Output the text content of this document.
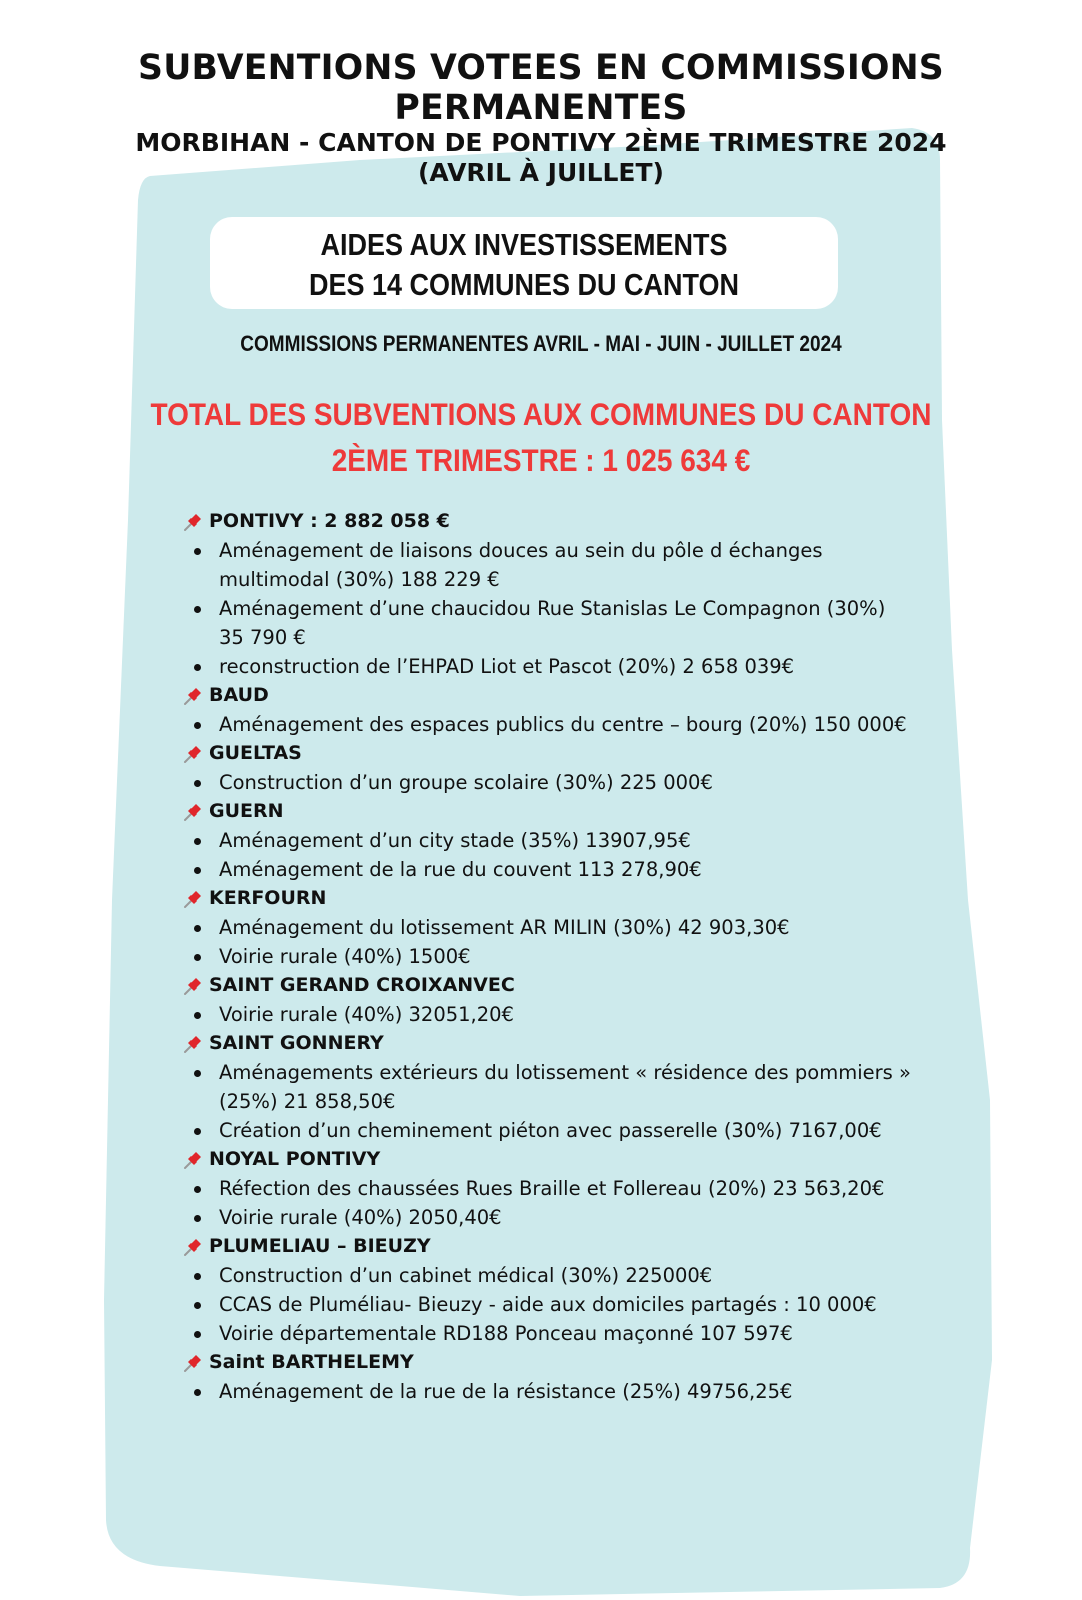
SUBVENTIONS VOTEES EN COMMISSIONS PERMANENTES
MORBIHAN - CANTON DE PONTIVY 2ÈME TRIMESTRE 2024
(AVRIL À JUILLET)
AIDES AUX INVESTISSEMENTS
DES 14 COMMUNES DU CANTON
COMMISSIONS PERMANENTES AVRIL - MAI - JUIN - JUILLET 2024
TOTAL DES SUBVENTIONS AUX COMMUNES DU CANTON
2ÈME TRIMESTRE : 1 025 634 €
PONTIVY : 2 882 058 €
Aménagement de liaisons douces au sein du pôle d échanges multimodal (30%) 188 229 €
Aménagement d’une chaucidou Rue Stanislas Le Compagnon (30%) 35 790 €
reconstruction de l’EHPAD Liot et Pascot (20%) 2 658 039€
BAUD
Aménagement des espaces publics du centre – bourg (20%) 150 000€
GUELTAS
Construction d’un groupe scolaire (30%) 225 000€
GUERN
Aménagement d’un city stade (35%) 13907,95€
Aménagement de la rue du couvent 113 278,90€
KERFOURN
Aménagement du lotissement AR MILIN (30%) 42 903,30€
Voirie rurale (40%) 1500€
SAINT GERAND CROIXANVEC
Voirie rurale (40%) 32051,20€
SAINT GONNERY
Aménagements extérieurs du lotissement « résidence des pommiers » (25%) 21 858,50€
Création d’un cheminement piéton avec passerelle (30%) 7167,00€
NOYAL PONTIVY
Réfection des chaussées Rues Braille et Follereau (20%) 23 563,20€
Voirie rurale (40%) 2050,40€
PLUMELIAU – BIEUZY
Construction d’un cabinet médical (30%) 225000€
CCAS de Pluméliau- Bieuzy - aide aux domiciles partagés : 10 000€
Voirie départementale RD188 Ponceau maçonné 107 597€
Saint BARTHELEMY
Aménagement de la rue de la résistance (25%) 49756,25€
